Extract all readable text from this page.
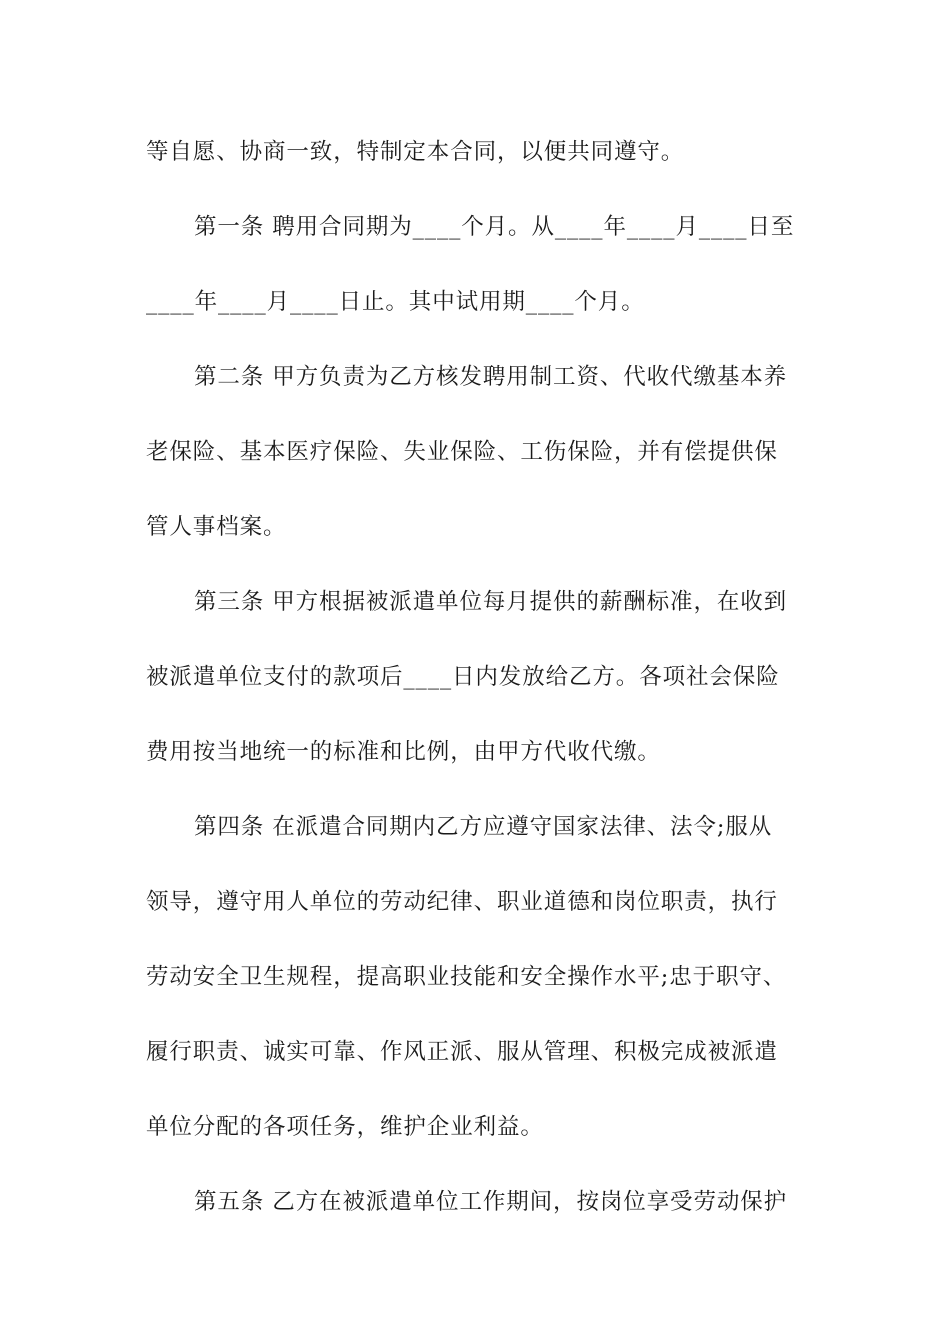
等自愿、协商一致，特制定本合同，以便共同遵守。
第一条 聘用合同期为____个月。从____年____月____日至
____年____月____日止。其中试用期____个月。
第二条 甲方负责为乙方核发聘用制工资、代收代缴基本养
老保险、基本医疗保险、失业保险、工伤保险，并有偿提供保
管人事档案。
第三条 甲方根据被派遣单位每月提供的薪酬标准，在收到
被派遣单位支付的款项后____日内发放给乙方。各项社会保险
费用按当地统一的标准和比例，由甲方代收代缴。
第四条 在派遣合同期内乙方应遵守国家法律、法令;服从
领导，遵守用人单位的劳动纪律、职业道德和岗位职责，执行
劳动安全卫生规程，提高职业技能和安全操作水平;忠于职守、
履行职责、诚实可靠、作风正派、服从管理、积极完成被派遣
单位分配的各项任务，维护企业利益。
第五条 乙方在被派遣单位工作期间，按岗位享受劳动保护
